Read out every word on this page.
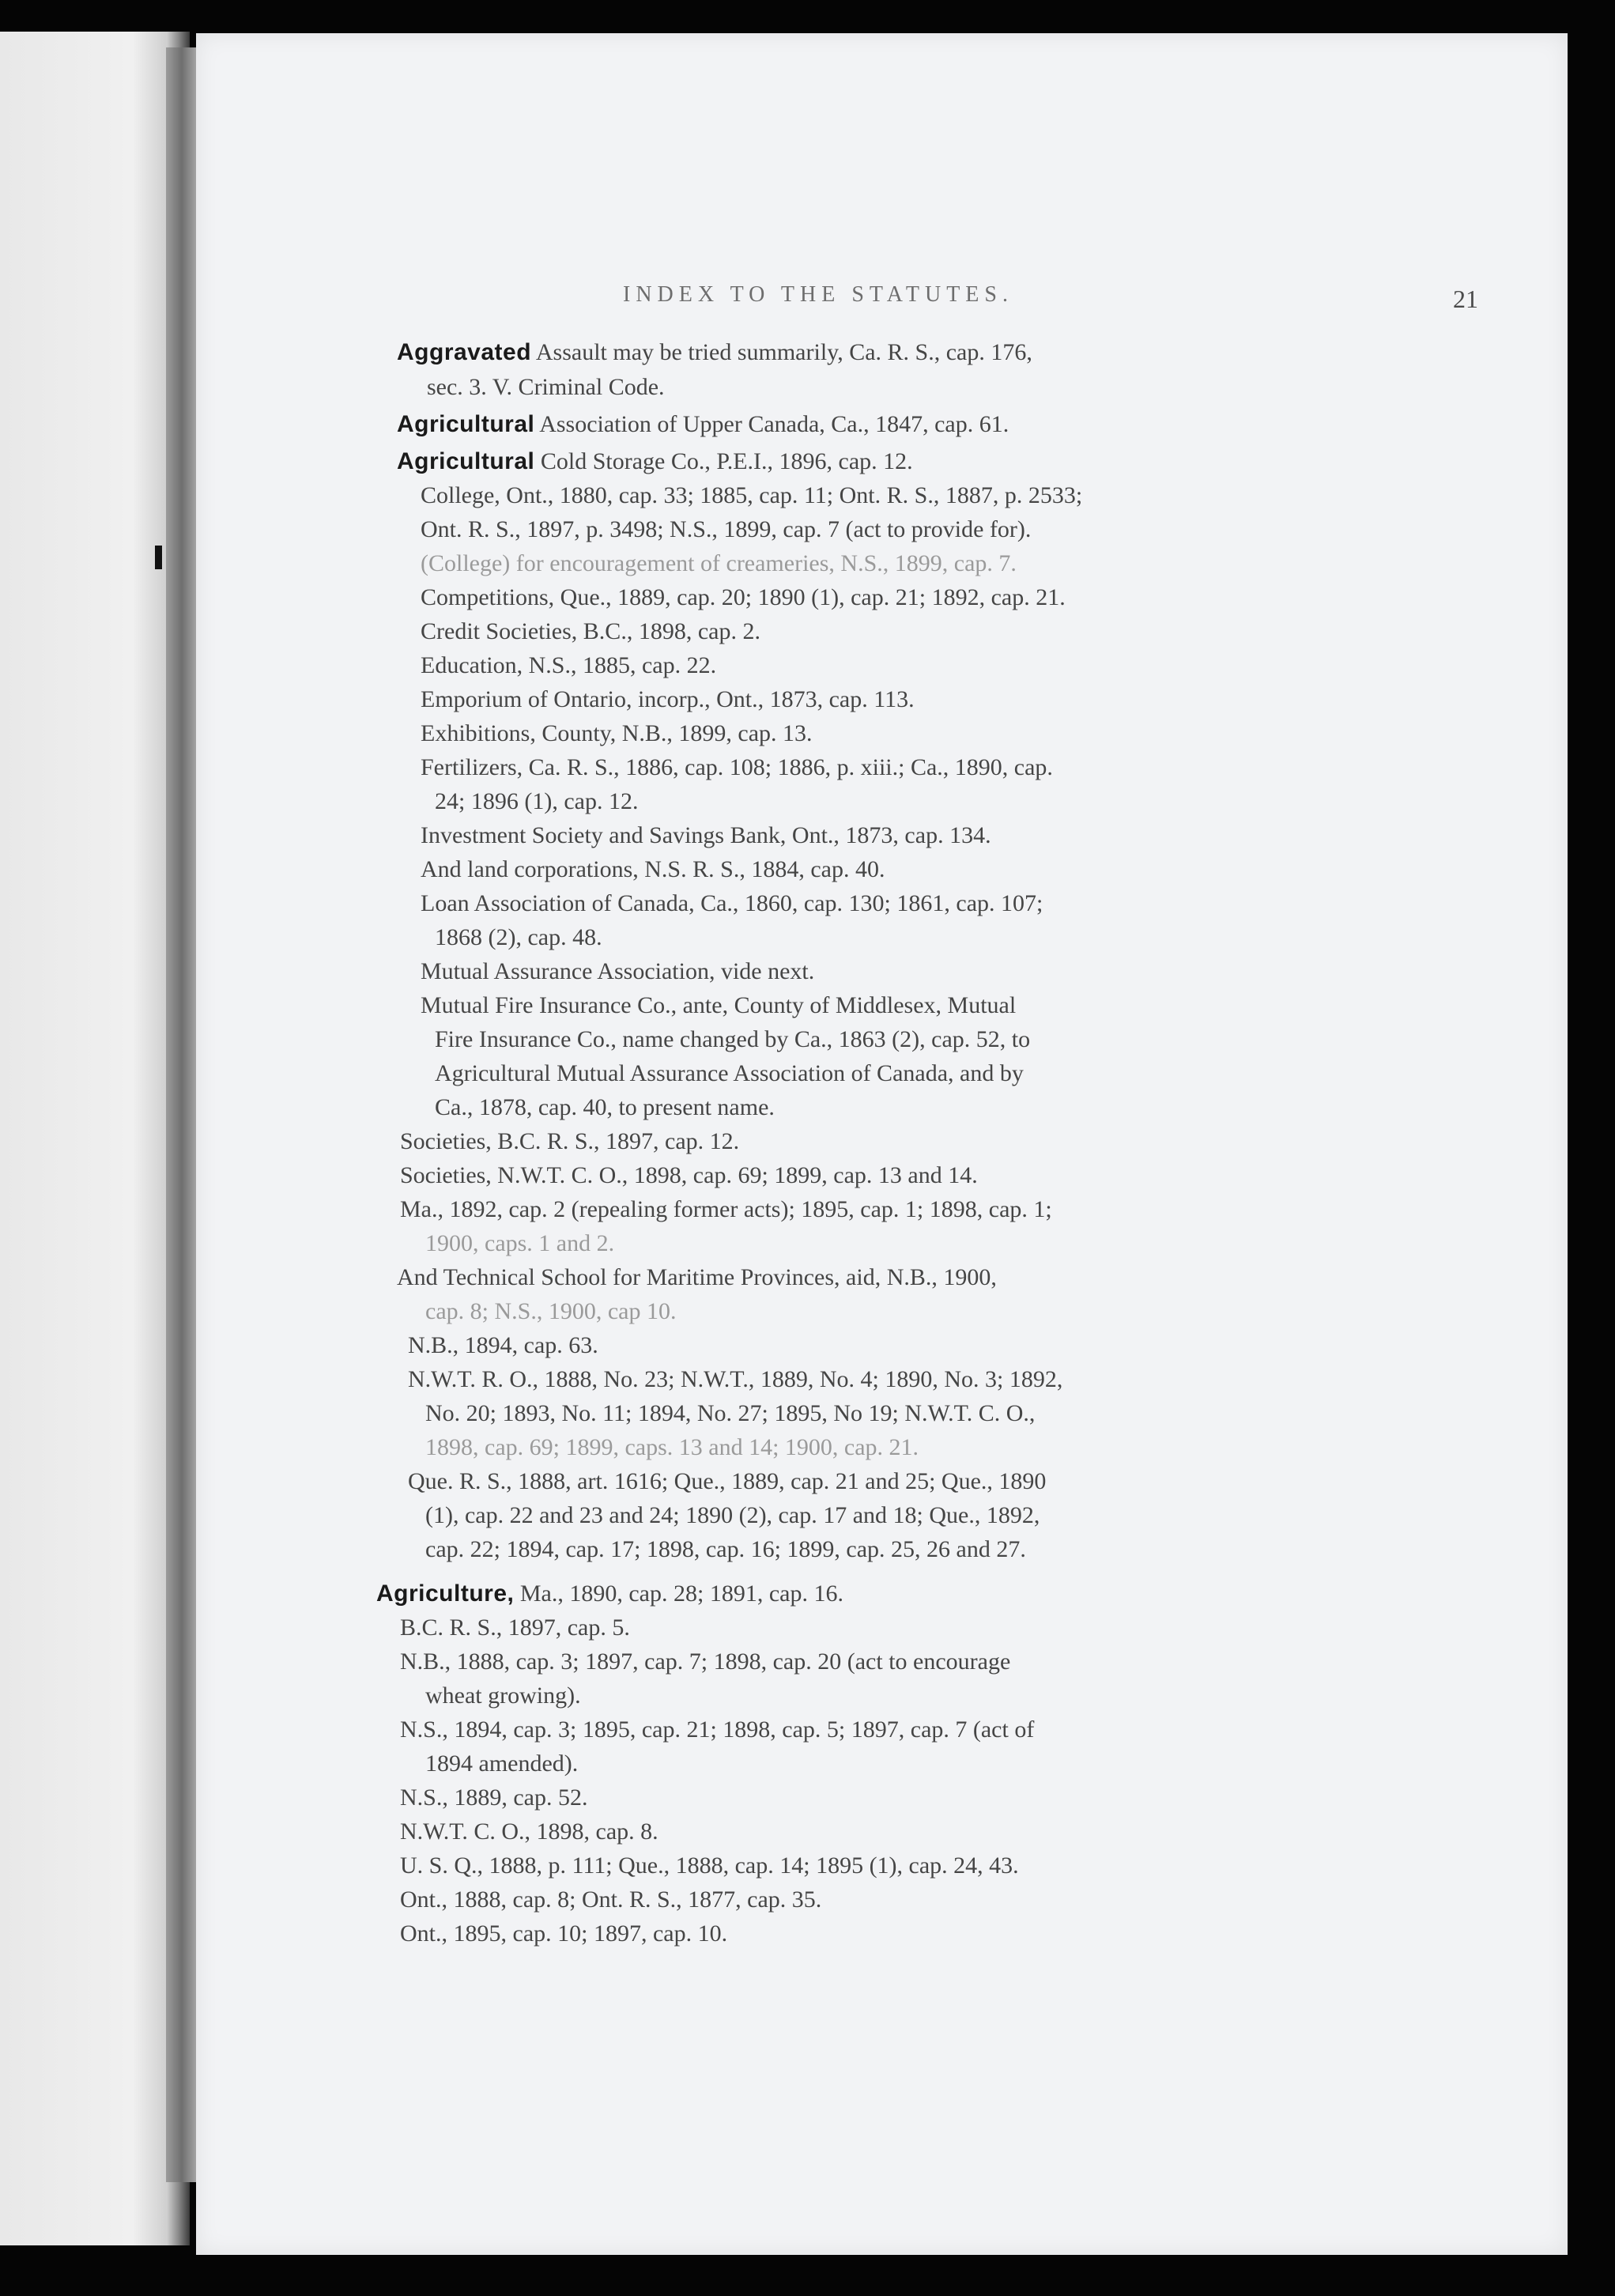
INDEX TO THE STATUTES.	21
Aggravated Assault may be tried summarily, Ca. R. S., cap. 176,
sec. 3. V. Criminal Code.
Agricultural Association of Upper Canada, Ca., 1847, cap. 61.
Agricultural Cold Storage Co., P.E.I., 1896, cap. 12.
College, Ont., 1880, cap. 33; 1885, cap. 11; Ont. R. S., 1887, p. 2533;
Ont. R. S., 1897, p. 3498; N.S., 1899, cap. 7 (act to provide for).
(College) for encouragement of creameries, N.S., 1899, cap. 7.
Competitions, Que., 1889, cap. 20; 1890 (1), cap. 21; 1892, cap. 21.
Credit Societies, B.C., 1898, cap. 2.
Education, N.S., 1885, cap. 22.
Emporium of Ontario, incorp., Ont., 1873, cap. 113.
Exhibitions, County, N.B., 1899, cap. 13.
Fertilizers, Ca. R. S., 1886, cap. 108; 1886, p. xiii.; Ca., 1890, cap.
24; 1896 (1), cap. 12.
Investment Society and Savings Bank, Ont., 1873, cap. 134.
And land corporations, N.S. R. S., 1884, cap. 40.
Loan Association of Canada, Ca., 1860, cap. 130; 1861, cap. 107;
1868 (2), cap. 48.
Mutual Assurance Association, vide next.
Mutual Fire Insurance Co., ante, County of Middlesex, Mutual
Fire Insurance Co., name changed by Ca., 1863 (2), cap. 52, to
Agricultural Mutual Assurance Association of Canada, and by
Ca., 1878, cap. 40, to present name.
Societies, B.C. R. S., 1897, cap. 12.
Societies, N.W.T. C. O., 1898, cap. 69; 1899, cap. 13 and 14.
Ma., 1892, cap. 2 (repealing former acts); 1895, cap. 1; 1898, cap. 1;
1900, caps. 1 and 2.
And Technical School for Maritime Provinces, aid, N.B., 1900,
cap. 8; N.S., 1900, cap 10.
N.B., 1894, cap. 63.
N.W.T. R. O., 1888, No. 23; N.W.T., 1889, No. 4; 1890, No. 3; 1892,
No. 20; 1893, No. 11; 1894, No. 27; 1895, No 19; N.W.T. C. O.,
1898, cap. 69; 1899, caps. 13 and 14; 1900, cap. 21.
Que. R. S., 1888, art. 1616; Que., 1889, cap. 21 and 25; Que., 1890
(1), cap. 22 and 23 and 24; 1890 (2), cap. 17 and 18; Que., 1892,
cap. 22; 1894, cap. 17; 1898, cap. 16; 1899, cap. 25, 26 and 27.
Agriculture, Ma., 1890, cap. 28; 1891, cap. 16.
B.C. R. S., 1897, cap. 5.
N.B., 1888, cap. 3; 1897, cap. 7; 1898, cap. 20 (act to encourage
wheat growing).
N.S., 1894, cap. 3; 1895, cap. 21; 1898, cap. 5; 1897, cap. 7 (act of
1894 amended).
N.S., 1889, cap. 52.
N.W.T. C. O., 1898, cap. 8.
U. S. Q., 1888, p. 111; Que., 1888, cap. 14; 1895 (1), cap. 24, 43.
Ont., 1888, cap. 8; Ont. R. S., 1877, cap. 35.
Ont., 1895, cap. 10; 1897, cap. 10.
